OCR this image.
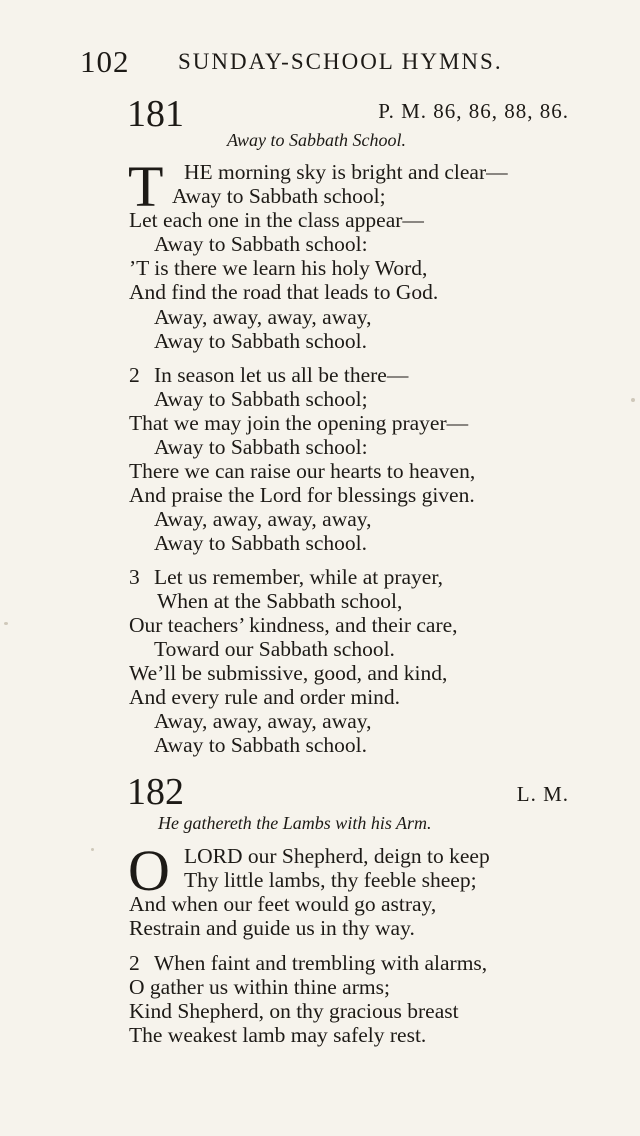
102 SUNDAY-SCHOOL HYMNS.
181	P. M. 86, 86, 88, 86.
Away to Sabbath School.
T HE morning sky is bright and clear—
Away to Sabbath school;
Let each one in the class appear—
Away to Sabbath school:
’T is there we learn his holy Word,
And find the road that leads to God.
Away, away, away, away,
Away to Sabbath school.
2 In season let us all be there—
Away to Sabbath school;
That we may join the opening prayer—
Away to Sabbath school:
There we can raise our hearts to heaven,
And praise the Lord for blessings given.
Away, away, away, away,
Away to Sabbath school.
3 Let us remember, while at prayer,
When at the Sabbath school,
Our teachers’ kindness, and their care,
Toward our Sabbath school.
We’ll be submissive, good, and kind,
And every rule and order mind.
Away, away, away, away,
Away to Sabbath school.
182	L. M.
He gathereth the Lambs with his Arm.
O LORD our Shepherd, deign to keep
Thy little lambs, thy feeble sheep;
And when our feet would go astray,
Restrain and guide us in thy way.
2 When faint and trembling with alarms,
O gather us within thine arms;
Kind Shepherd, on thy gracious breast
The weakest lamb may safely rest.
